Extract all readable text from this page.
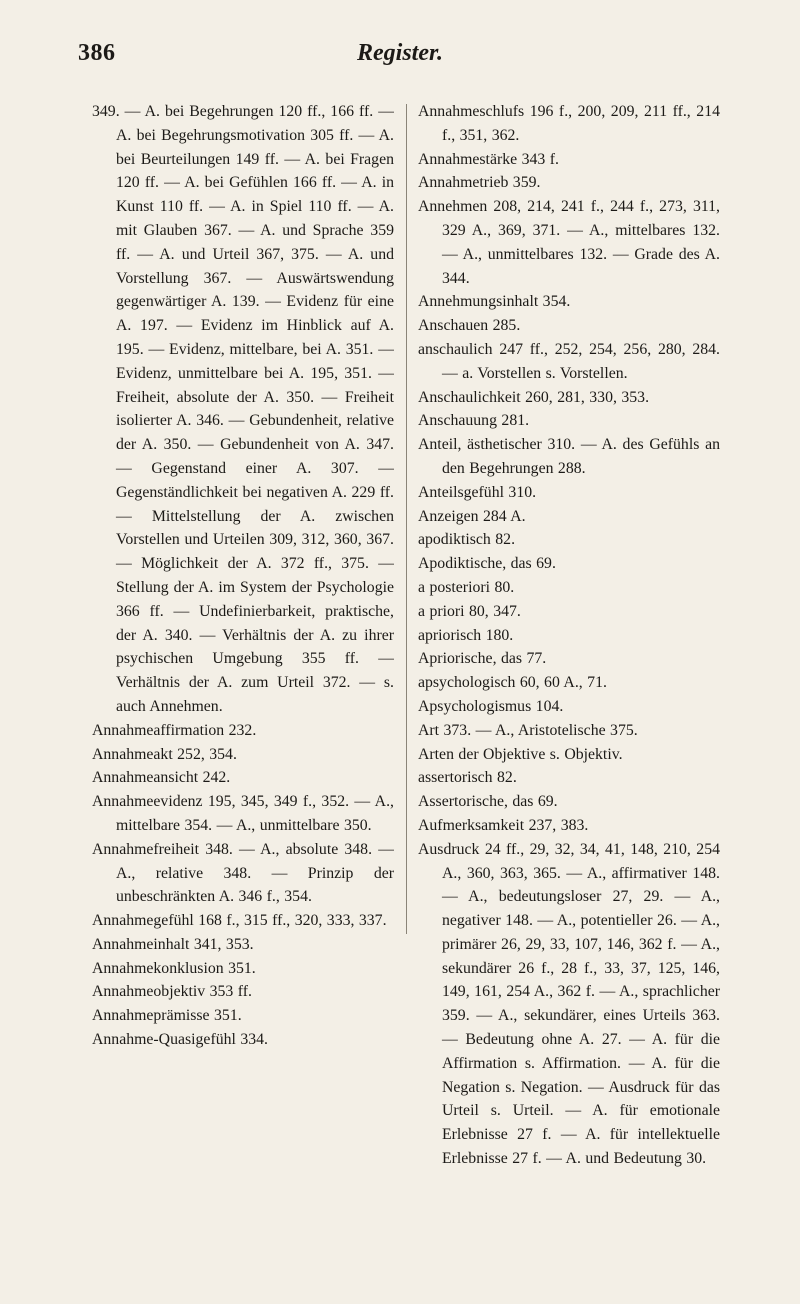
386	Register.

349. — A. bei Begehrungen 120 ff., 166 ff. — A. bei Begehrungsmotivation 305 ff. — A. bei Beurteilungen 149 ff. — A. bei Fragen 120 ff. — A. bei Gefühlen 166 ff. — A. in Kunst 110 ff. — A. in Spiel 110 ff. — A. mit Glauben 367. — A. und Sprache 359 ff. — A. und Urteil 367, 375. — A. und Vorstellung 367. — Auswärtswendung gegenwärtiger A. 139. — Evidenz für eine A. 197. — Evidenz im Hinblick auf A. 195. — Evidenz, mittelbare, bei A. 351. — Evidenz, unmittelbare bei A. 195, 351. — Freiheit, absolute der A. 350. — Freiheit isolierter A. 346. — Gebundenheit, relative der A. 350. — Gebundenheit von A. 347. — Gegenstand einer A. 307. — Gegenständlichkeit bei negativen A. 229 ff. — Mittelstellung der A. zwischen Vorstellen und Urteilen 309, 312, 360, 367. — Möglichkeit der A. 372 ff., 375. — Stellung der A. im System der Psychologie 366 ff. — Undefinierbarkeit, praktische, der A. 340. — Verhältnis der A. zu ihrer psychischen Umgebung 355 ff. — Verhältnis der A. zum Urteil 372. — s. auch Annehmen.

Annahmeaffirmation 232.

Annahmeakt 252, 354.

Annahmeansicht 242.

Annahmeevidenz 195, 345, 349 f., 352. — A., mittelbare 354. — A., unmittelbare 350.

Annahmefreiheit 348. — A., absolute 348. — A., relative 348. — Prinzip der unbeschränkten A. 346 f., 354.

Annahmegefühl 168 f., 315 ff., 320, 333, 337.

Annahmeinhalt 341, 353.

Annahmekonklusion 351.

Annahmeobjektiv 353 ff.

Annahmeprämisse 351.

Annahme-Quasigefühl 334.

Annahmeschlufs 196 f., 200, 209, 211 ff., 214 f., 351, 362.

Annahmestärke 343 f.

Annahmetrieb 359.

Annehmen 208, 214, 241 f., 244 f., 273, 311, 329 A., 369, 371. — A., mittelbares 132. — A., unmittelbares 132. — Grade des A. 344.

Annehmungsinhalt 354.

Anschauen 285.

anschaulich 247 ff., 252, 254, 256, 280, 284. — a. Vorstellen s. Vorstellen.

Anschaulichkeit 260, 281, 330, 353.

Anschauung 281.

Anteil, ästhetischer 310. — A. des Gefühls an den Begehrungen 288.

Anteilsgefühl 310.

Anzeigen 284 A.

apodiktisch 82.

Apodiktische, das 69.

a posteriori 80.

a priori 80, 347.

apriorisch 180.

Apriorische, das 77.

apsychologisch 60, 60 A., 71.

Apsychologismus 104.

Art 373. — A., Aristotelische 375.

Arten der Objektive s. Objektiv.

assertorisch 82.

Assertorische, das 69.

Aufmerksamkeit 237, 383.

Ausdruck 24 ff., 29, 32, 34, 41, 148, 210, 254 A., 360, 363, 365. — A., affirmativer 148. — A., bedeutungsloser 27, 29. — A., negativer 148. — A., potentieller 26. — A., primärer 26, 29, 33, 107, 146, 362 f. — A., sekundärer 26 f., 28 f., 33, 37, 125, 146, 149, 161, 254 A., 362 f. — A., sprachlicher 359. — A., sekundärer, eines Urteils 363. — Bedeutung ohne A. 27. — A. für die Affirmation s. Affirmation. — A. für die Negation s. Negation. — Ausdruck für das Urteil s. Urteil. — A. für emotionale Erlebnisse 27 f. — A. für intellektuelle Erlebnisse 27 f. — A. und Bedeutung 30.
